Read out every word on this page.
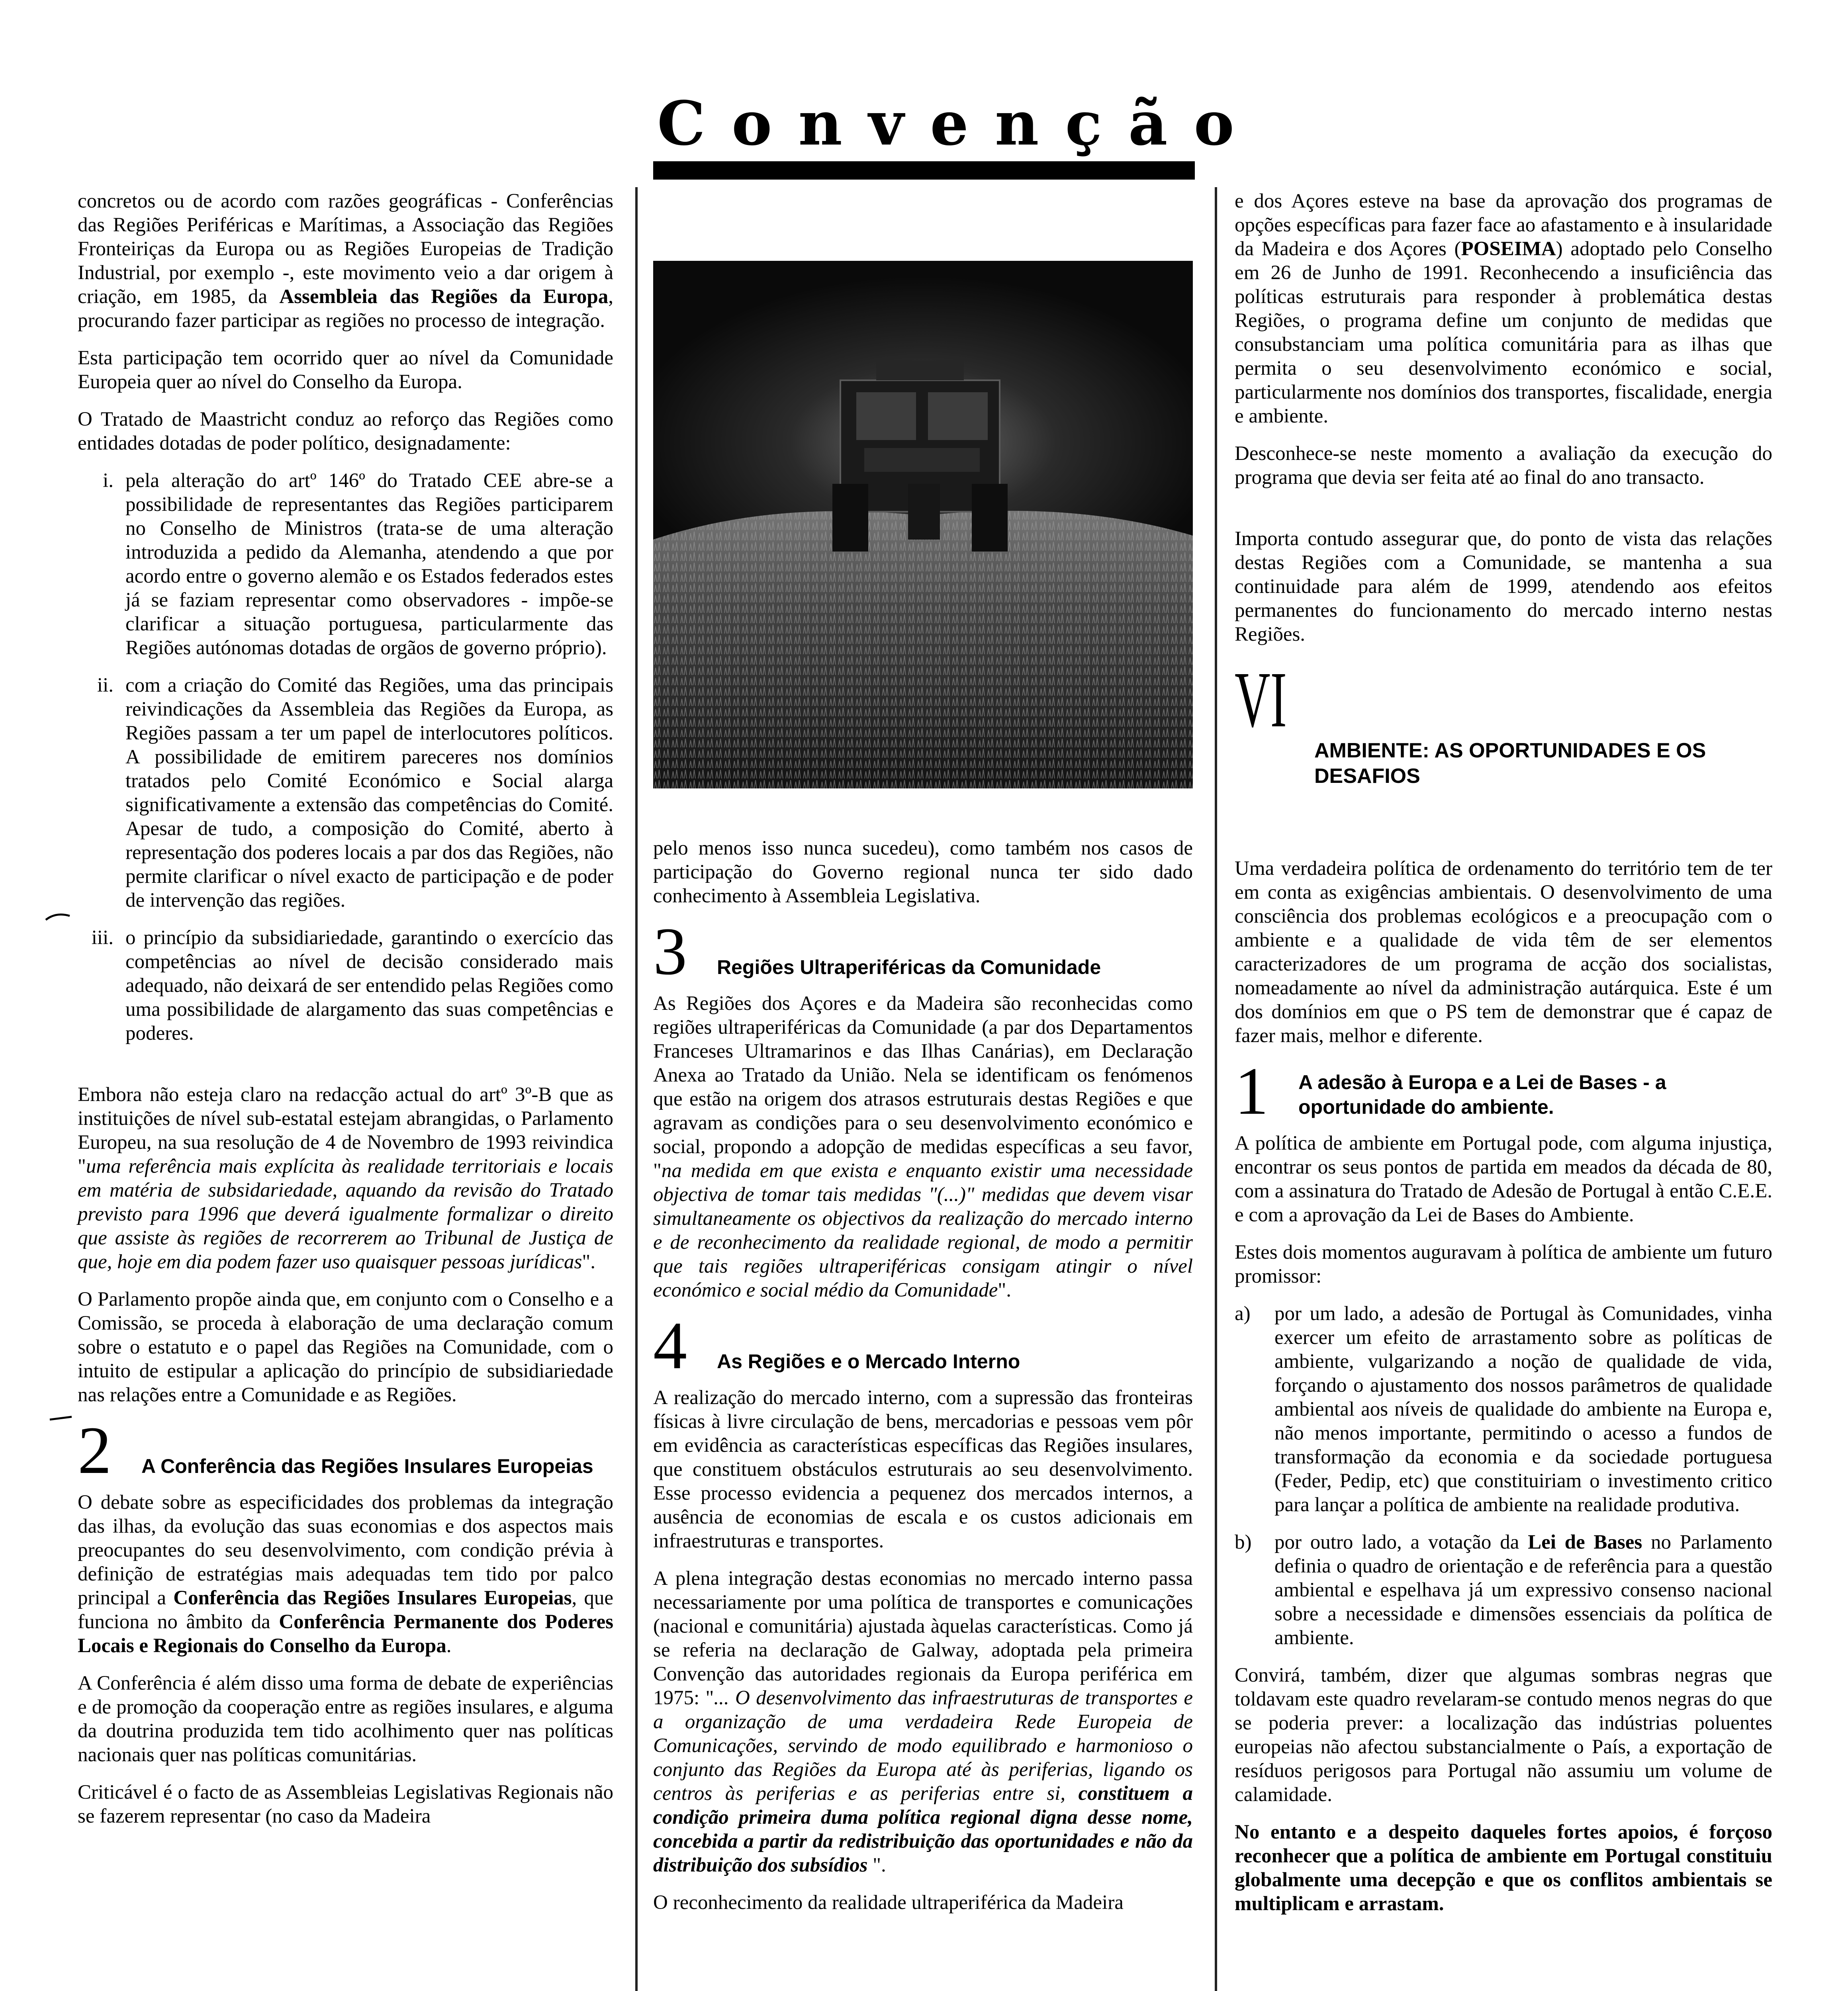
Convenção

concretos ou de acordo com razões geográficas - Conferências das Regiões Periféricas e Marítimas, a Associação das Regiões Fronteiriças da Europa ou as Regiões Europeias de Tradição Industrial, por exemplo -, este movimento veio a dar origem à criação, em 1985, da Assembleia das Regiões da Europa, procurando fazer participar as regiões no processo de integração.

Esta participação tem ocorrido quer ao nível da Comunidade Europeia quer ao nível do Conselho da Europa.

O Tratado de Maastricht conduz ao reforço das Regiões como entidades dotadas de poder político, designadamente:

i. pela alteração do artº 146º do Tratado CEE abre-se a possibilidade de representantes das Regiões participarem no Conselho de Ministros (trata-se de uma alteração introduzida a pedido da Alemanha, atendendo a que por acordo entre o governo alemão e os Estados federados estes já se faziam representar como observadores - impõe-se clarificar a situação portuguesa, particularmente das Regiões autónomas dotadas de orgãos de governo próprio).
ii. com a criação do Comité das Regiões, uma das principais reivindicações da Assembleia das Regiões da Europa, as Regiões passam a ter um papel de interlocutores políticos. A possibilidade de emitirem pareceres nos domínios tratados pelo Comité Económico e Social alarga significativamente a extensão das competências do Comité. Apesar de tudo, a composição do Comité, aberto à representação dos poderes locais a par dos das Regiões, não permite clarificar o nível exacto de participação e de poder de intervenção das regiões.
iii. o princípio da subsidiariedade, garantindo o exercício das competências ao nível de decisão considerado mais adequado, não deixará de ser entendido pelas Regiões como uma possibilidade de alargamento das suas competências e poderes.

Embora não esteja claro na redacção actual do artº 3º-B que as instituições de nível sub-estatal estejam abrangidas, o Parlamento Europeu, na sua resolução de 4 de Novembro de 1993 reivindica "uma referência mais explícita às realidade territoriais e locais em matéria de subsidariedade, aquando da revisão do Tratado previsto para 1996 que deverá igualmente formalizar o direito que assiste às regiões de recorrerem ao Tribunal de Justiça de que, hoje em dia podem fazer uso quaisquer pessoas jurídicas".

O Parlamento propõe ainda que, em conjunto com o Conselho e a Comissão, se proceda à elaboração de uma declaração comum sobre o estatuto e o papel das Regiões na Comunidade, com o intuito de estipular a aplicação do princípio de subsidiariedade nas relações entre a Comunidade e as Regiões.

2	A Conferência das Regiões Insulares Europeias

O debate sobre as especificidades dos problemas da integração das ilhas, da evolução das suas economias e dos aspectos mais preocupantes do seu desenvolvimento, com condição prévia à definição de estratégias mais adequadas tem tido por palco principal a Conferência das Regiões Insulares Europeias, que funciona no âmbito da Conferência Permanente dos Poderes Locais e Regionais do Conselho da Europa.

A Conferência é além disso uma forma de debate de experiências e de promoção da cooperação entre as regiões insulares, e alguma da doutrina produzida tem tido acolhimento quer nas políticas nacionais quer nas políticas comunitárias.

Criticável é o facto de as Assembleias Legislativas Regionais não se fazerem representar (no caso da Madeira

pelo menos isso nunca sucedeu), como também nos casos de participação do Governo regional nunca ter sido dado conhecimento à Assembleia Legislativa.

3	Regiões Ultraperiféricas da Comunidade

As Regiões dos Açores e da Madeira são reconhecidas como regiões ultraperiféricas da Comunidade (a par dos Departamentos Franceses Ultramarinos e das Ilhas Canárias), em Declaração Anexa ao Tratado da União. Nela se identificam os fenómenos que estão na origem dos atrasos estruturais destas Regiões e que agravam as condições para o seu desenvolvimento económico e social, propondo a adopção de medidas específicas a seu favor, "na medida em que exista e enquanto existir uma necessidade objectiva de tomar tais medidas "(...)" medidas que devem visar simultaneamente os objectivos da realização do mercado interno e de reconhecimento da realidade regional, de modo a permitir que tais regiões ultraperiféricas consigam atingir o nível económico e social médio da Comunidade".

4	As Regiões e o Mercado Interno

A realização do mercado interno, com a supressão das fronteiras físicas à livre circulação de bens, mercadorias e pessoas vem pôr em evidência as características específicas das Regiões insulares, que constituem obstáculos estruturais ao seu desenvolvimento. Esse processo evidencia a pequenez dos mercados internos, a ausência de economias de escala e os custos adicionais em infraestruturas e transportes.

A plena integração destas economias no mercado interno passa necessariamente por uma política de transportes e comunicações (nacional e comunitária) ajustada àquelas características. Como já se referia na declaração de Galway, adoptada pela primeira Convenção das autoridades regionais da Europa periférica em 1975: "... O desenvolvimento das infraestruturas de transportes e a organização de uma verdadeira Rede Europeia de Comunicações, servindo de modo equilibrado e harmonioso o conjunto das Regiões da Europa até às periferias, ligando os centros às periferias e as periferias entre si, constituem a condição primeira duma política regional digna desse nome, concebida a partir da redistribuição das oportunidades e não da distribuição dos subsídios ".

O reconhecimento da realidade ultraperiférica da Madeira

e dos Açores esteve na base da aprovação dos programas de opções específicas para fazer face ao afastamento e à insularidade da Madeira e dos Açores (POSEIMA) adoptado pelo Conselho em 26 de Junho de 1991. Reconhecendo a insuficiência das políticas estruturais para responder à problemática destas Regiões, o programa define um conjunto de medidas que consubstanciam uma política comunitária para as ilhas que permita o seu desenvolvimento económico e social, particularmente nos domínios dos transportes, fiscalidade, energia e ambiente.

Desconhece-se neste momento a avaliação da execução do programa que devia ser feita até ao final do ano transacto.

Importa contudo assegurar que, do ponto de vista das relações destas Regiões com a Comunidade, se mantenha a sua continuidade para além de 1999, atendendo aos efeitos permanentes do funcionamento do mercado interno nestas Regiões.

VI
AMBIENTE: AS OPORTUNIDADES E OS DESAFIOS

Uma verdadeira política de ordenamento do território tem de ter em conta as exigências ambientais. O desenvolvimento de uma consciência dos problemas ecológicos e a preocupação com o ambiente e a qualidade de vida têm de ser elementos caracterizadores de um programa de acção dos socialistas, nomeadamente ao nível da administração autárquica. Este é um dos domínios em que o PS tem de demonstrar que é capaz de fazer mais, melhor e diferente.

1	A adesão à Europa e a Lei de Bases - a oportunidade do ambiente.

A política de ambiente em Portugal pode, com alguma injustiça, encontrar os seus pontos de partida em meados da década de 80, com a assinatura do Tratado de Adesão de Portugal à então C.E.E. e com a aprovação da Lei de Bases do Ambiente.

Estes dois momentos auguravam à política de ambiente um futuro promissor:

a)	por um lado, a adesão de Portugal às Comunidades, vinha exercer um efeito de arrastamento sobre as políticas de ambiente, vulgarizando a noção de qualidade de vida, forçando o ajustamento dos nossos parâmetros de qualidade ambiental aos níveis de qualidade do ambiente na Europa e, não menos importante, permitindo o acesso a fundos de transformação da economia e da sociedade portuguesa (Feder, Pedip, etc) que constituiriam o investimento critico para lançar a política de ambiente na realidade produtiva.
b)	por outro lado, a votação da Lei de Bases no Parlamento definia o quadro de orientação e de referência para a questão ambiental e espelhava já um expressivo consenso nacional sobre a necessidade e dimensões essenciais da política de ambiente.

Convirá, também, dizer que algumas sombras negras que toldavam este quadro revelaram-se contudo menos negras do que se poderia prever: a localização das indústrias poluentes europeias não afectou substancialmente o País, a exportação de resíduos perigosos para Portugal não assumiu um volume de calamidade.

No entanto e a despeito daqueles fortes apoios, é forçoso reconhecer que a política de ambiente em Portugal constituiu globalmente uma decepção e que os conflitos ambientais se multiplicam e arrastam.
